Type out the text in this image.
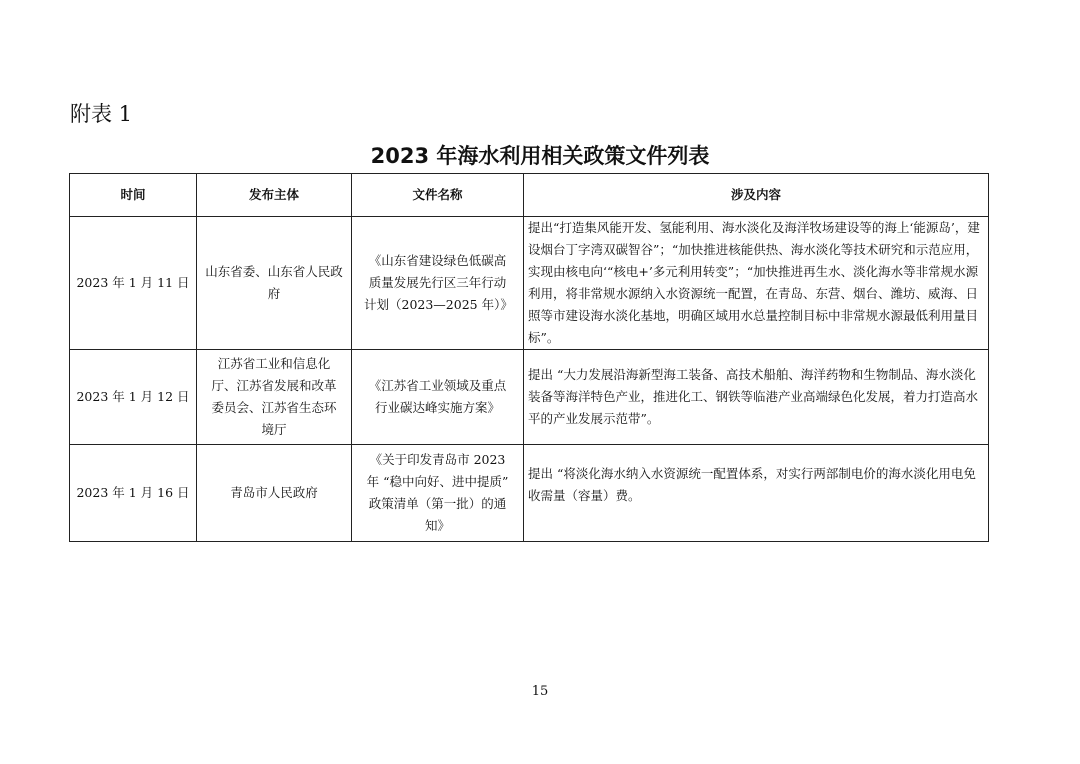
附表 1
2023 年海水利用相关政策文件列表
时间	发布主体	文件名称	涉及内容
2023 年 1 月 11 日	山东省委、山东省人民政府	《山东省建设绿色低碳高质量发展先行区三年行动计划（2023—2025 年）》	提出“打造集风能开发、氢能利用、海水淡化及海洋牧场建设等的海上‘能源岛’，建设烟台丁字湾双碳智谷”；“加快推进核能供热、海水淡化等技术研究和示范应用，实现由核电向‘“核电+’多元利用转变”；“加快推进再生水、淡化海水等非常规水源利用，将非常规水源纳入水资源统一配置，在青岛、东营、烟台、潍坊、威海、日照等市建设海水淡化基地，明确区域用水总量控制目标中非常规水源最低利用量目标”。
2023 年 1 月 12 日	江苏省工业和信息化厅、江苏省发展和改革委员会、江苏省生态环境厅	《江苏省工业领域及重点行业碳达峰实施方案》	提出 “大力发展沿海新型海工装备、高技术船舶、海洋药物和生物制品、海水淡化装备等海洋特色产业，推进化工、钢铁等临港产业高端绿色化发展，着力打造高水平的产业发展示范带”。
2023 年 1 月 16 日	青岛市人民政府	《关于印发青岛市 2023 年 “稳中向好、进中提质” 政策清单（第一批）的通知》	提出 “将淡化海水纳入水资源统一配置体系，对实行两部制电价的海水淡化用电免收需量（容量）费。
15
